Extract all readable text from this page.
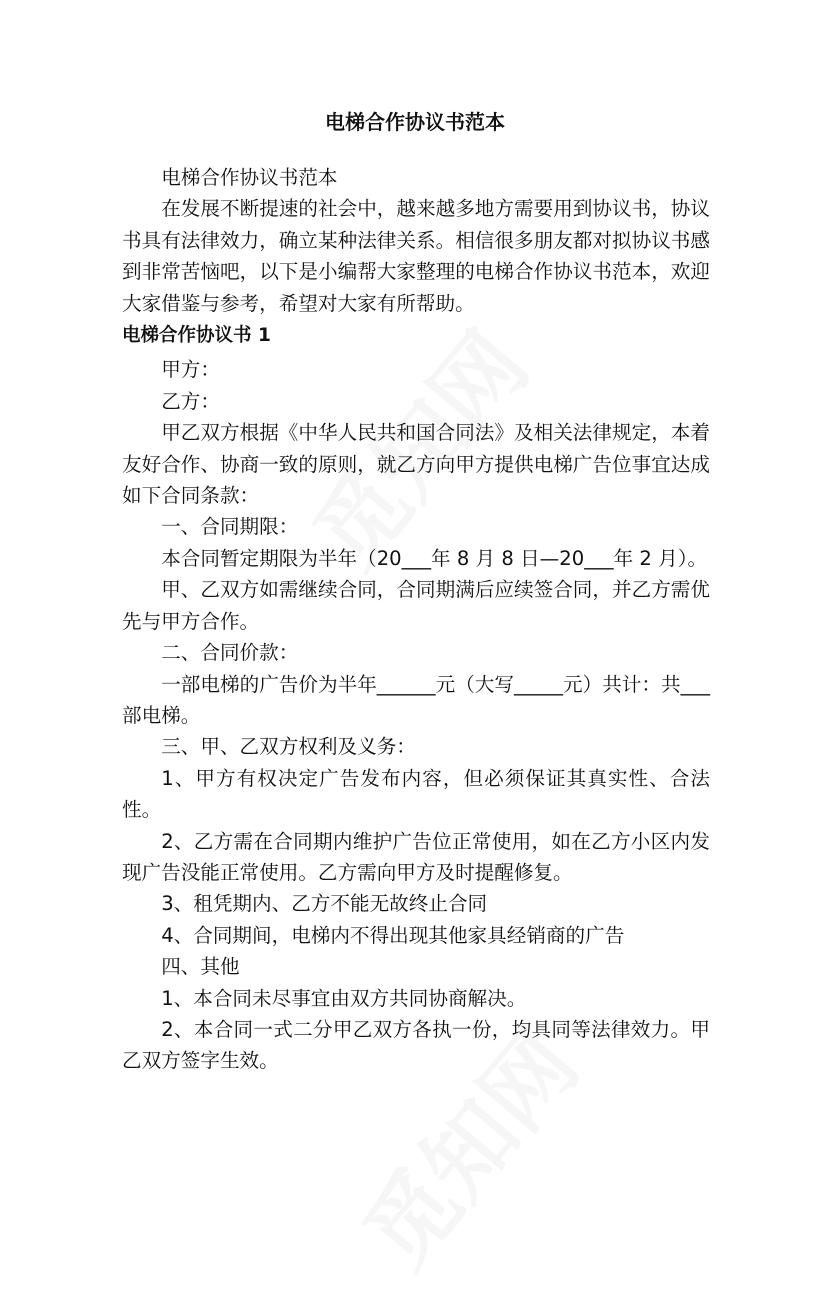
电梯合作协议书范本

电梯合作协议书范本

在发展不断提速的社会中，越来越多地方需要用到协议书，协议书具有法律效力，确立某种法律关系。相信很多朋友都对拟协议书感到非常苦恼吧，以下是小编帮大家整理的电梯合作协议书范本，欢迎大家借鉴与参考，希望对大家有所帮助。

电梯合作协议书 1

甲方：

乙方：

甲乙双方根据《中华人民共和国合同法》及相关法律规定，本着友好合作、协商一致的原则，就乙方向甲方提供电梯广告位事宜达成如下合同条款：

一、合同期限：

本合同暂定期限为半年（20___年 8 月 8 日—20___年 2 月）。

甲、乙双方如需继续合同，合同期满后应续签合同，并乙方需优先与甲方合作。

二、合同价款：

一部电梯的广告价为半年______元（大写_____元）共计：共___部电梯。

三、甲、乙双方权利及义务：

1、甲方有权决定广告发布内容，但必须保证其真实性、合法性。

2、乙方需在合同期内维护广告位正常使用，如在乙方小区内发现广告没能正常使用。乙方需向甲方及时提醒修复。

3、租凭期内、乙方不能无故终止合同

4、合同期间，电梯内不得出现其他家具经销商的广告

四、其他

1、本合同未尽事宜由双方共同协商解决。

2、本合同一式二分甲乙双方各执一份，均具同等法律效力。甲乙双方签字生效。
